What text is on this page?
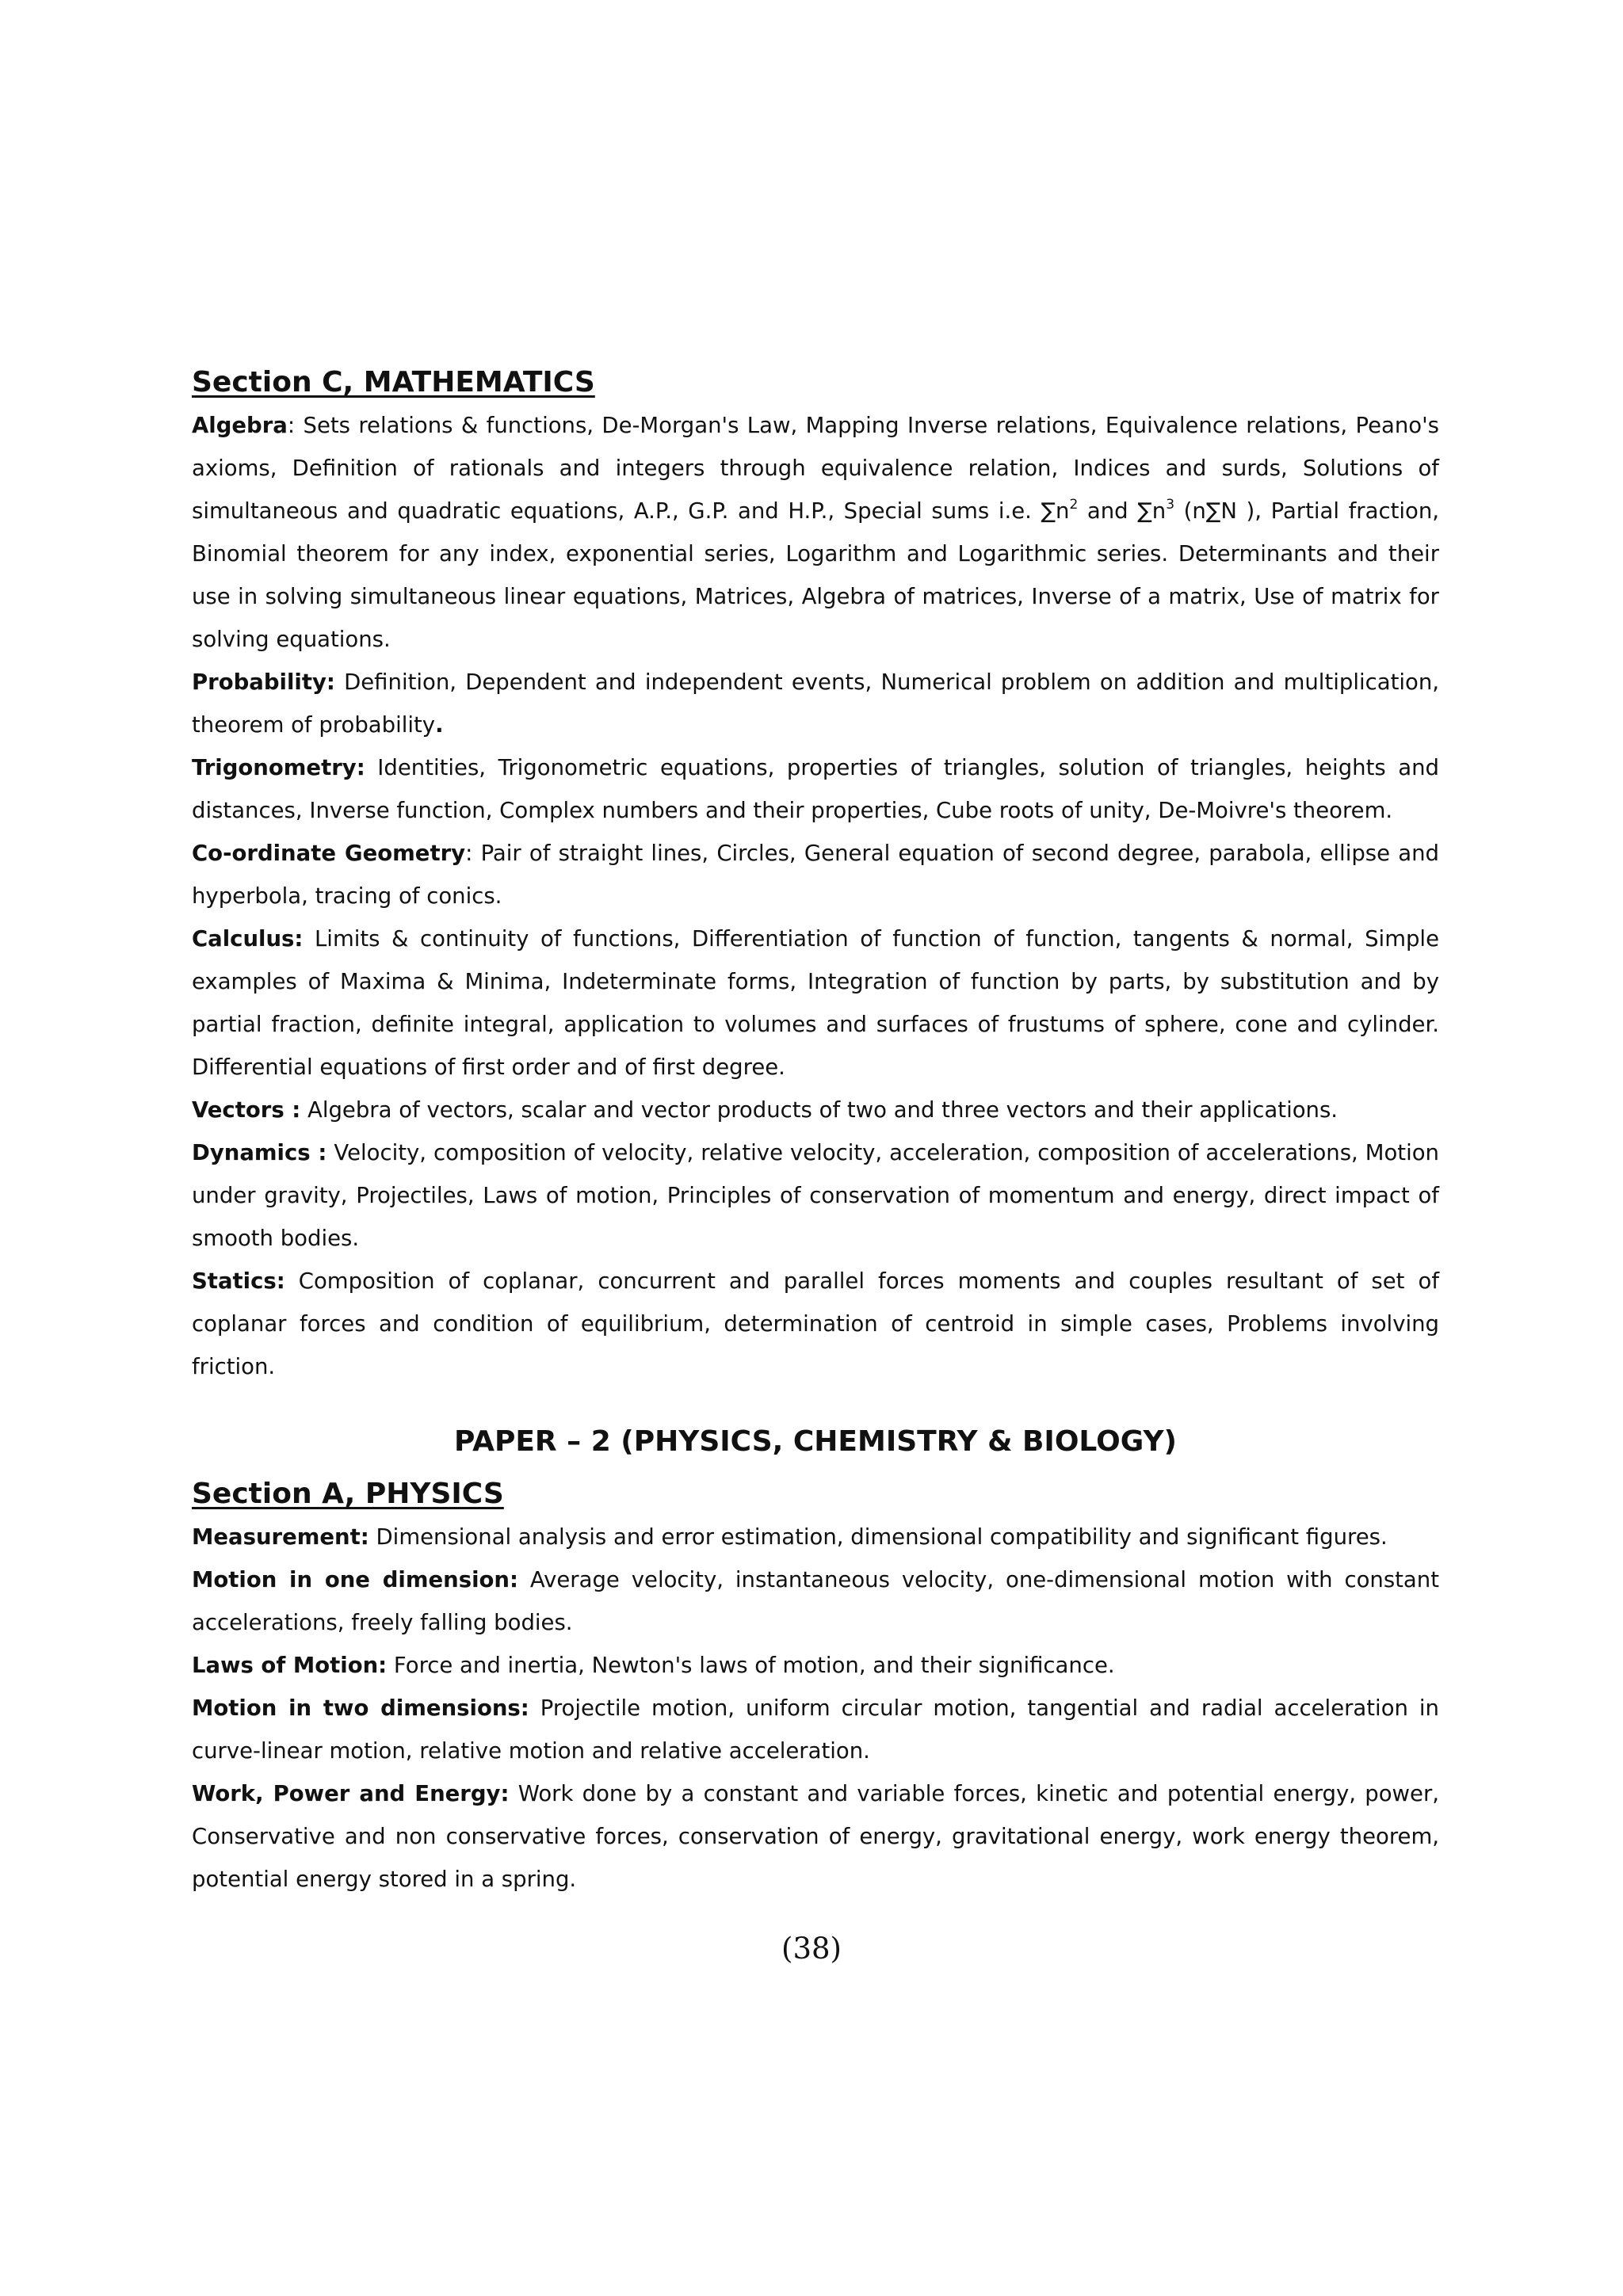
Section C, MATHEMATICS

Algebra: Sets relations & functions, De-Morgan's Law, Mapping Inverse relations, Equivalence relations, Peano's axioms, Definition of rationals and integers through equivalence relation, Indices and surds, Solutions of simultaneous and quadratic equations, A.P., G.P. and H.P., Special sums i.e. $\sum n^2$ and $\sum n^3$ (n∑N ), Partial fraction, Binomial theorem for any index, exponential series, Logarithm and Logarithmic series. Determinants and their use in solving simultaneous linear equations, Matrices, Algebra of matrices, Inverse of a matrix, Use of matrix for solving equations.

Probability: Definition, Dependent and independent events, Numerical problem on addition and multiplication, theorem of probability.

Trigonometry: Identities, Trigonometric equations, properties of triangles, solution of triangles, heights and distances, Inverse function, Complex numbers and their properties, Cube roots of unity, De-Moivre's theorem.

Co-ordinate Geometry: Pair of straight lines, Circles, General equation of second degree, parabola, ellipse and hyperbola, tracing of conics.

Calculus: Limits & continuity of functions, Differentiation of function of function, tangents & normal, Simple examples of Maxima & Minima, Indeterminate forms, Integration of function by parts, by substitution and by partial fraction, definite integral, application to volumes and surfaces of frustums of sphere, cone and cylinder. Differential equations of first order and of first degree.

Vectors : Algebra of vectors, scalar and vector products of two and three vectors and their applications.

Dynamics : Velocity, composition of velocity, relative velocity, acceleration, composition of accelerations, Motion under gravity, Projectiles, Laws of motion, Principles of conservation of momentum and energy, direct impact of smooth bodies.

Statics: Composition of coplanar, concurrent and parallel forces moments and couples resultant of set of coplanar forces and condition of equilibrium, determination of centroid in simple cases, Problems involving friction.

PAPER – 2 (PHYSICS, CHEMISTRY & BIOLOGY)
Section A, PHYSICS

Measurement: Dimensional analysis and error estimation, dimensional compatibility and significant figures.

Motion in one dimension: Average velocity, instantaneous velocity, one-dimensional motion with constant accelerations, freely falling bodies.

Laws of Motion: Force and inertia, Newton's laws of motion, and their significance.

Motion in two dimensions: Projectile motion, uniform circular motion, tangential and radial acceleration in curve-linear motion, relative motion and relative acceleration.

Work, Power and Energy: Work done by a constant and variable forces, kinetic and potential energy, power, Conservative and non conservative forces, conservation of energy, gravitational energy, work energy theorem, potential energy stored in a spring.

(38)
